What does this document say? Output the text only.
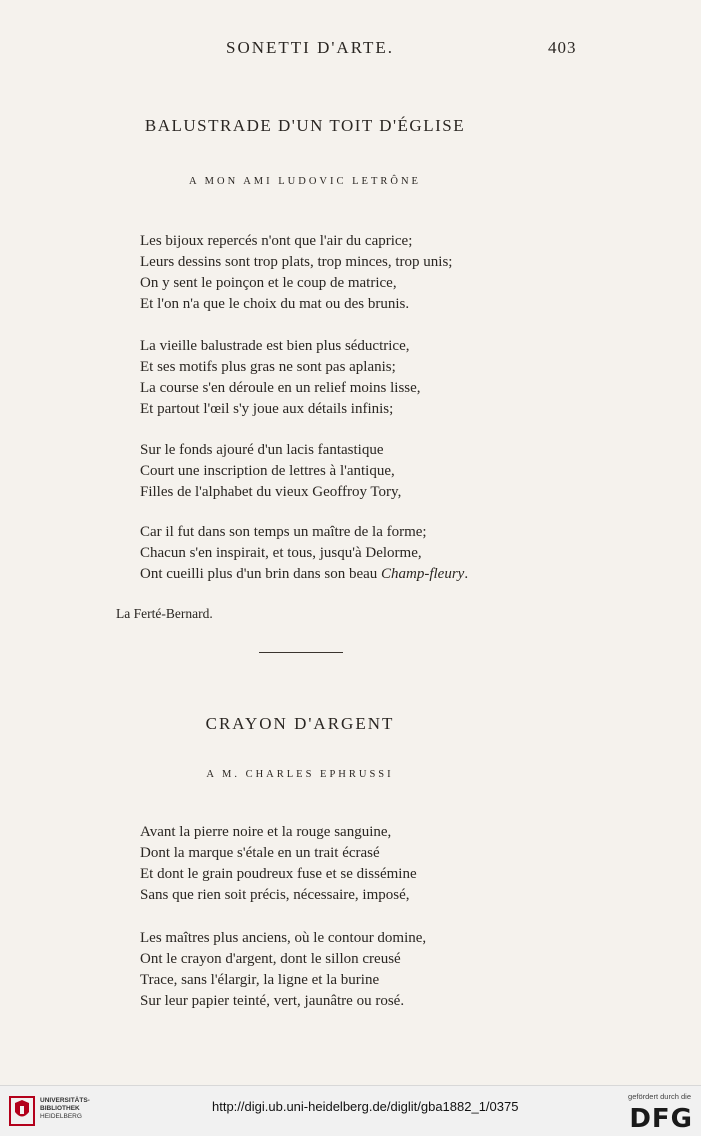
SONETTI D'ARTE.	403
BALUSTRADE D'UN TOIT D'ÉGLISE
A MON AMI LUDOVIC LETRÔNE
Les bijoux repercés n'ont que l'air du caprice;
Leurs dessins sont trop plats, trop minces, trop unis;
On y sent le poinçon et le coup de matrice,
Et l'on n'a que le choix du mat ou des brunis.
La vieille balustrade est bien plus séductrice,
Et ses motifs plus gras ne sont pas aplanis;
La course s'en déroule en un relief moins lisse,
Et partout l'œil s'y joue aux détails infinis;
Sur le fonds ajouré d'un lacis fantastique
Court une inscription de lettres à l'antique,
Filles de l'alphabet du vieux Geoffroy Tory,
Car il fut dans son temps un maître de la forme;
Chacun s'en inspirait, et tous, jusqu'à Delorme,
Ont cueilli plus d'un brin dans son beau Champ-fleury.
La Ferté-Bernard.
CRAYON D'ARGENT
A M. CHARLES EPHRUSSI
Avant la pierre noire et la rouge sanguine,
Dont la marque s'étale en un trait écrasé
Et dont le grain poudreux fuse et se dissémine
Sans que rien soit précis, nécessaire, imposé,
Les maîtres plus anciens, où le contour domine,
Ont le crayon d'argent, dont le sillon creusé
Trace, sans l'élargir, la ligne et la burine
Sur leur papier teinté, vert, jaunâtre ou rosé.
UNIVERSITÄTS-
BIBLIOTHEK
HEIDELBERG
http://digi.ub.uni-heidelberg.de/diglit/gba1882_1/0375
gefördert durch die
DFG
